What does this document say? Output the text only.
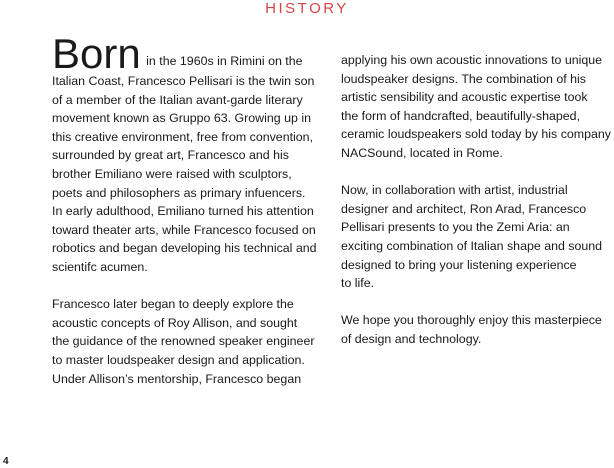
HISTORY

Born in the 1960s in Rimini on the
Italian Coast, Francesco Pellisari is the twin son
of a member of the Italian avant-garde literary
movement known as Gruppo 63. Growing up in
this creative environment, free from convention,
surrounded by great art, Francesco and his
brother Emiliano were raised with sculptors,
poets and philosophers as primary infuencers.
In early adulthood, Emiliano turned his attention
toward theater arts, while Francesco focused on
robotics and began developing his technical and
scientifc acumen.

Francesco later began to deeply explore the
acoustic concepts of Roy Allison, and sought
the guidance of the renowned speaker engineer
to master loudspeaker design and application.
Under Allison’s mentorship, Francesco began

applying his own acoustic innovations to unique
loudspeaker designs. The combination of his
artistic sensibility and acoustic expertise took
the form of handcrafted, beautifully-shaped,
ceramic loudspeakers sold today by his company
NACSound, located in Rome.

Now, in collaboration with artist, industrial
designer and architect, Ron Arad, Francesco
Pellisari presents to you the Zemi Aria: an
exciting combination of Italian shape and sound
designed to bring your listening experience
to life.

We hope you thoroughly enjoy this masterpiece
of design and technology.

4
